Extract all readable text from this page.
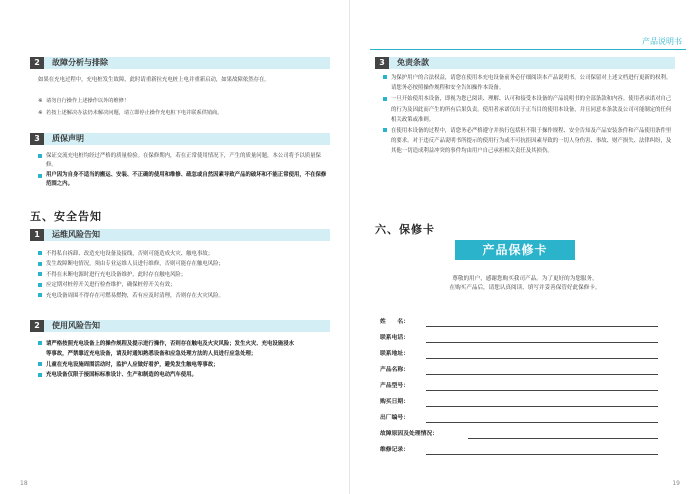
2	故障分析与排除
如果在充电过程中，充电桩发生故障，此时请重新拉充电桩上电并重新启动，如果故障依然存在。
※ 请勿自行操作上述操作以外的维修！
※ 若按上述解决办法仍未解决问题，请立即停止操作充电桩下电并联系供销商。
3	质保声明
保证交流充电桩均经过严格的质量检验。在保修期内，若在正常使用情况下，产生的质量问题，本公司将予以质量保修。
用户因为自身不适当的搬运、安装、不正确的使用和维修、疏忽或自然因素导致产品的破坏和不能正常使用，不在保修范围之内。
五、安全告知
1	运维风险告知
不得私自拆卸、改造充电设备及接线，否则可能造成火灾、触电事故；
发生故障断电情况，须由专业运维人员进行维修，否则可能存在触电风险；
不得在未断电源时进行充电设备维护，此时存在触电风险；
应定期对桩停开关进行检查维护，确保桩停开关有效；
充电设备周围不得存在可燃易燃物，若有应及时清理，否则存在火灾风险。
2	使用风险告知
请严格按照充电设备上的操作规程及提示进行操作，否则存在触电及火灾风险；发生火灾、充电设施浸水等事故，严禁靠近充电设备，请及时通知熟悉设备和应急处理方法的人员进行应急处理；
儿童在充电设施周围活动时，监护人应做好看护，避免发生触电等事故；
充电设备仅限于接国标标准设计、生产和制造的电动汽车使用。
18
产品说明书
3	免责条款
为保护用户的合法权益，请您在使用本充电设备前务必仔细阅读本产品说明书。公司保留对上述文档进行更新的权利。请您务必按照操作规程和安全告知操作本设备。
一旦开始使用本设备，即视为您已阅读、理解、认可和接受本设备的产品说明书的全部条款和内容。使用者承诺对自己的行为及因此而产生的所有后果负责。使用者承诺仅出于正当目的使用本设备，并且同意本条款及公司可能制定的任何相关政策或准则。
在使用本设备的过程中，请您务必严格遵守并执行包括但不限于操作规程、安全告知及产品安装条件和产品使用条件里的要求。对于违反产品说明书所提示的使用行为或不可抗拒因素导致的一切人身伤害、事故、财产损失、法律纠纷，及其他一切造成利益冲突的事件均由用户自己承担相关责任及其损伤。
六、保修卡
产品保修卡
尊敬的用户，感谢您购买我司产品。为了更好的为您服务，
在购买产品后，请您认真阅读、填写并妥善保管好此保修卡。
姓　　名：
联系电话：
联系地址：
产品名称：
产品型号：
购买日期：
出厂编号：
故障原因及处理情况：
维修记录：
19
